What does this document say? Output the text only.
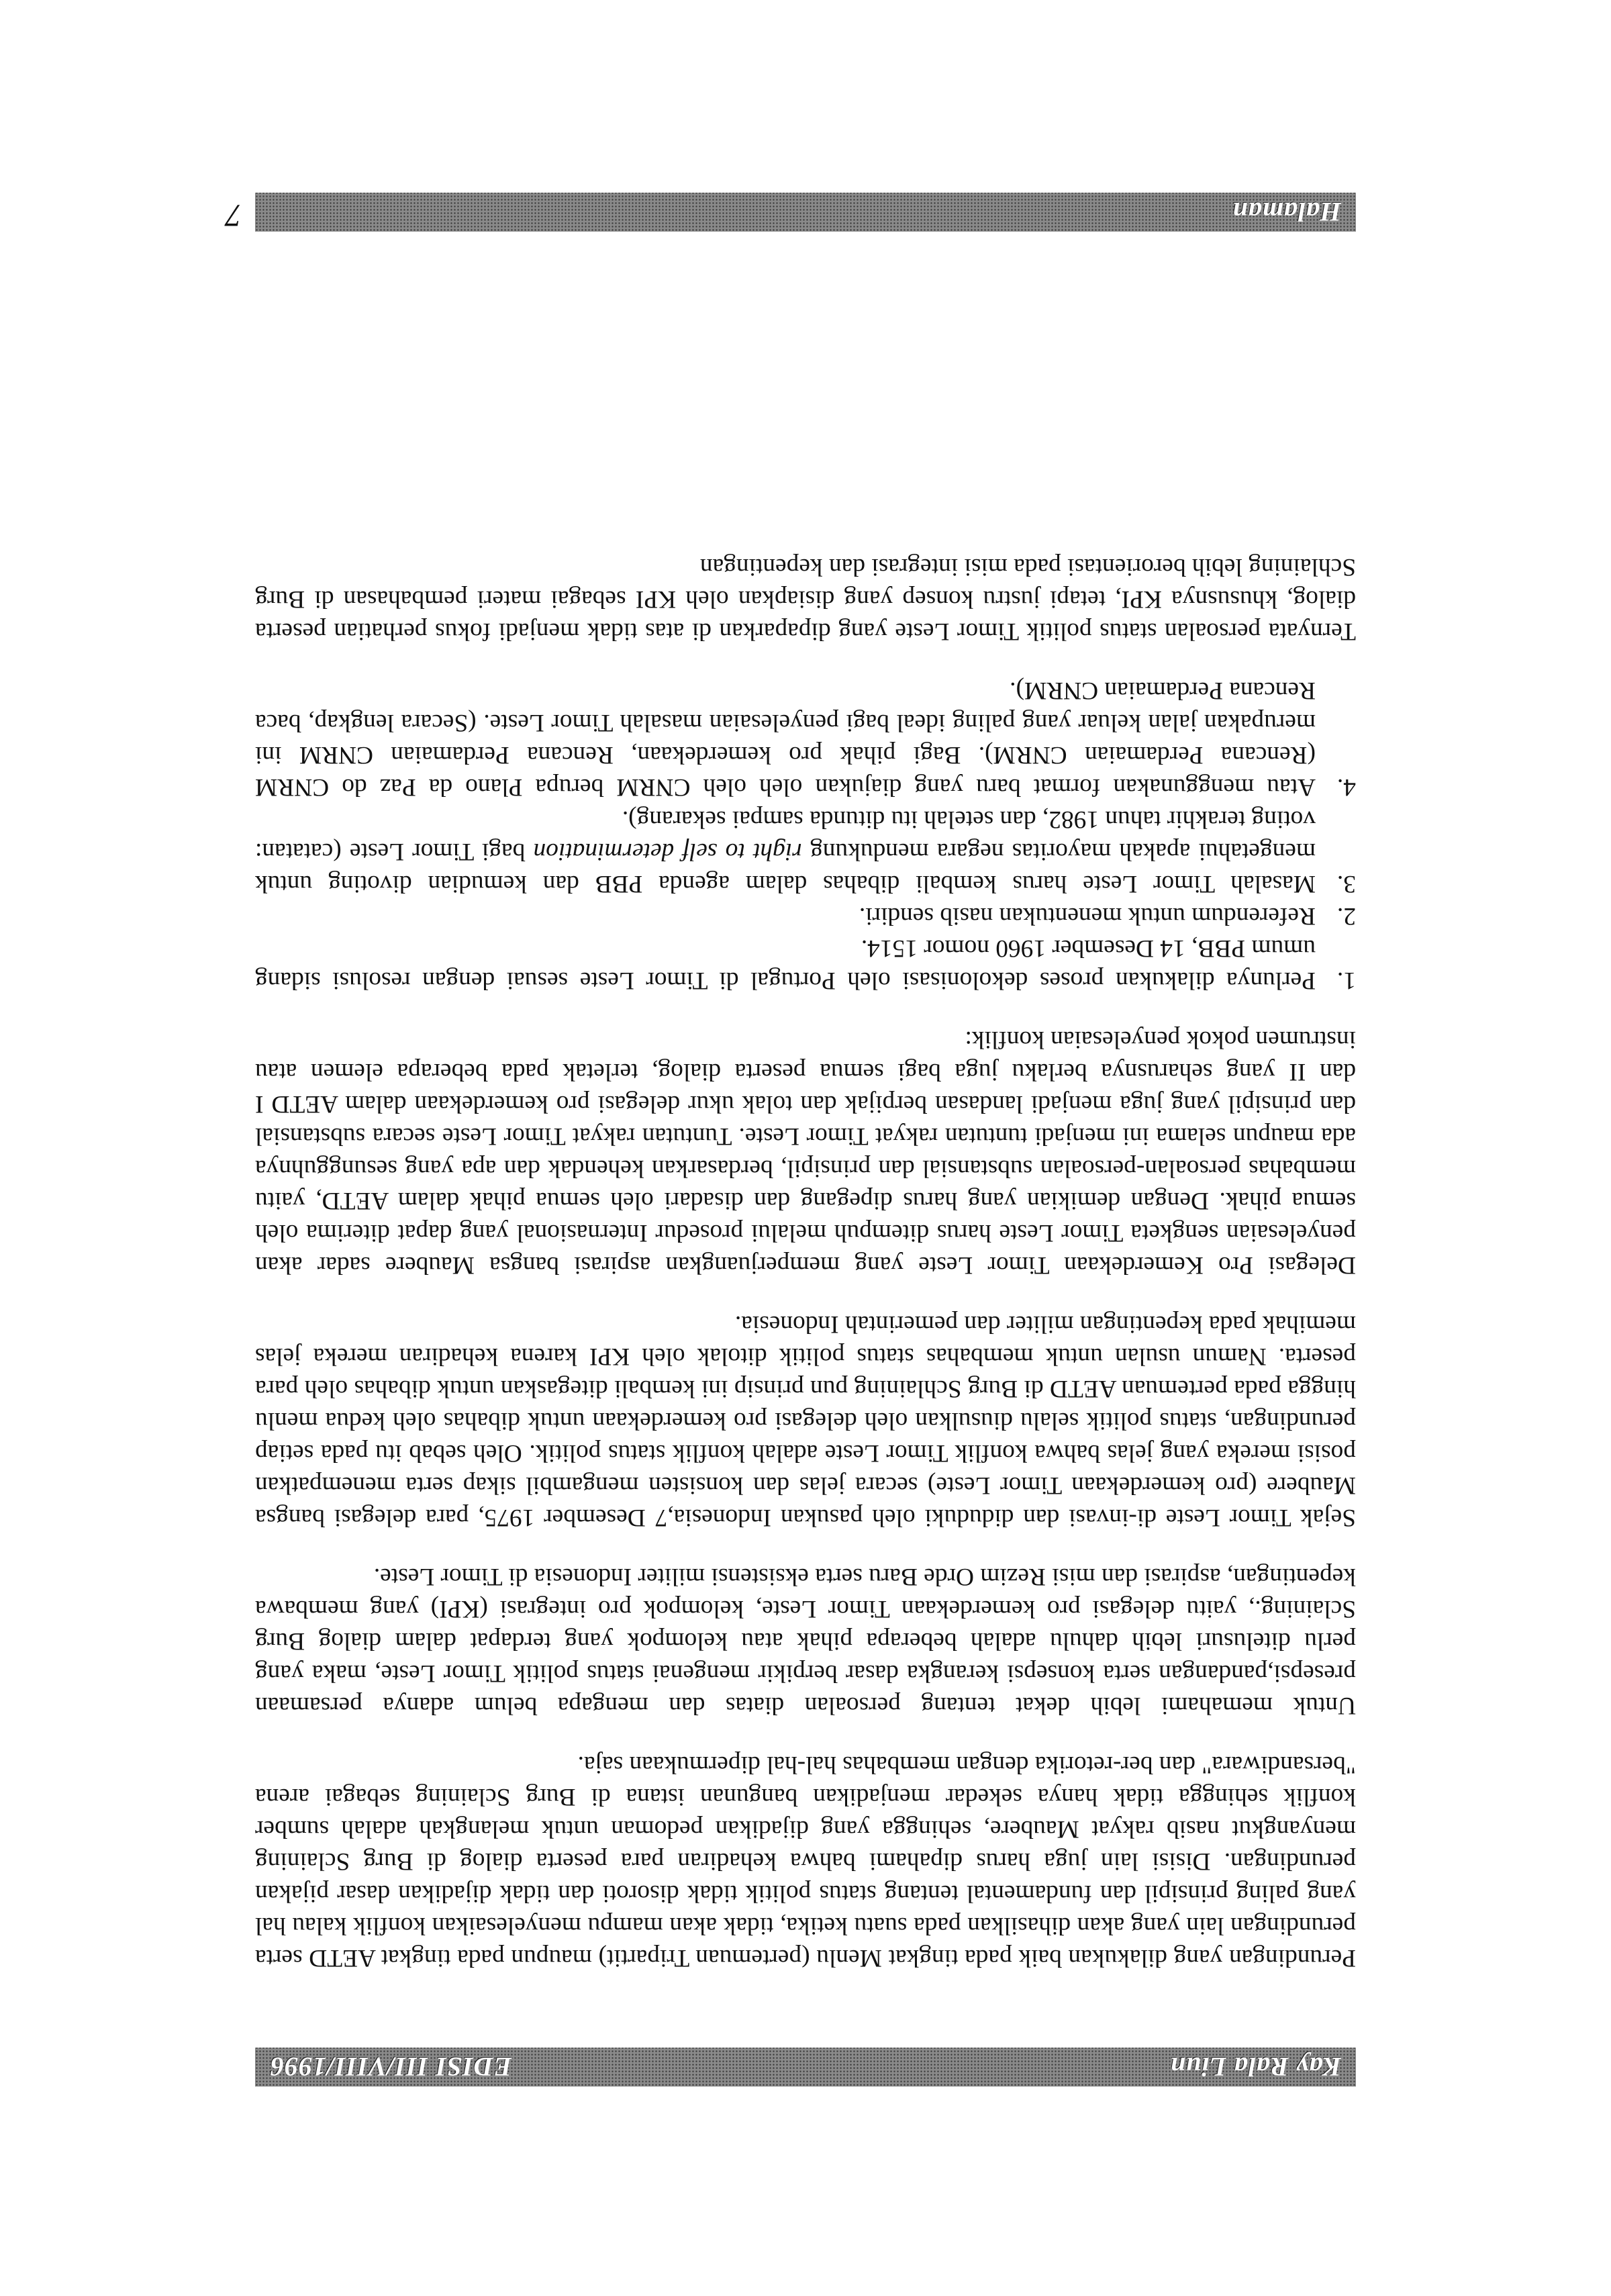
Halaman
7

Perundingan yang dilakukan baik pada tingkat Menlu (pertemuan Tripartit) maupun pada tingkat AETD serta perundingan lain yang akan dihasilkan pada suatu ketika, tidak akan mampu menyelesaikan konflik kalau hal yang paling prinsipil dan fundamental tentang status politik tidak disoroti dan tidak dijadikan dasar pijakan perundingan. Disisi lain juga harus dipahami bahwa kehadiran para peserta dialog di Burg Sclaining menyangkut nasib rakyat Maubere, sehingga yang dijadikan pedoman untuk melangkah adalah sumber konflik sehingga tidak hanya sekedar menjadikan bangunan istana di Burg Sclaining sebagai arena "bersandiwara" dan ber-retorika dengan membahas hal-hal dipermukaan saja.

Untuk memahami lebih dekat tentang persoalan diatas dan mengapa belum adanya persamaan presepsi,pandangan serta konsepsi kerangka dasar berpikir mengenai status politik Timor Leste, maka yang perlu ditelusuri lebih dahulu adalah beberapa pihak atau kelompok yang terdapat dalam dialog Burg Sclaining., yaitu delegasi pro kemerdekaan Timor Leste, kelompok pro integrasi (KPI) yang membawa kepentingan, aspirasi dan misi Rezim Orde Baru serta eksistensi militer Indonesia di Timor Leste.

Sejak Timor Leste di-invasi dan diduduki oleh pasukan Indonesia,7 Desember 1975, para delegasi bangsa Maubere (pro kemerdekaan Timor Leste) secara jelas dan konsisten mengambil sikap serta menempatkan posisi mereka yang jelas bahwa konflik Timor Leste adalah konflik status politik. Oleh sebab itu pada setiap perundingan, status politik selalu diusulkan oleh delegasi pro kemerdekaan untuk dibahas oleh kedua menlu hingga pada pertemuan AETD di Burg Schlaining pun prinsip ini kembali ditegaskan untuk dibahas oleh para peserta. Namun usulan untuk membahas status politik ditolak oleh KPI karena kehadiran mereka jelas memihak pada kepentingan militer dan pemerintah Indonesia.

Delegasi Pro Kemerdekaan Timor Leste yang memperjuangkan aspirasi bangsa Maubere sadar akan penyelesaian sengketa Timor Leste harus ditempuh melalui prosedur Internasional yang dapat diterima oleh semua pihak. Dengan demikian yang harus dipegang dan disadari oleh semua pihak dalam AETD, yaitu membahas persoalan-persoalan substansial dan prinsipil, berdasarkan kehendak dan apa yang sesungguhnya ada maupun selama ini menjadi tuntutan rakyat Timor Leste. Tuntutan rakyat Timor Leste secara substansial dan prinsipil yang juga menjadi landasan berpijak dan tolak ukur delegasi pro kemerdekaan dalam AETD I dan II yang seharusnya berlaku juga bagi semua peserta dialog, terletak pada beberapa elemen atau instrumen pokok penyelesaian konflik:

1.
Perlunya dilakukan proses dekolonisasi oleh Portugal di Timor Leste sesuai dengan resolusi sidang umum PBB, 14 Desember 1960 nomor 1514.
2.
Referendum untuk menentukan nasib sendiri.
3.
Masalah Timor Leste harus kembali dibahas dalam agenda PBB dan kemudian divoting untuk mengetahui apakah mayoritas negara mendukung right to self determination bagi Timor Leste (catatan: voting terakhir tahun 1982, dan setelah itu ditunda sampai sekarang).
4.
Atau menggunakan format baru yang diajukan oleh oleh CNRM berupa Plano da Paz do CNRM (Rencana Perdamaian CNRM). Bagi pihak pro kemerdekaan, Rencana Perdamaian CNRM ini merupakan jalan keluar yang paling ideal bagi penyelesaian masalah Timor Leste. (Secara lengkap, baca Rencana Perdamaian CNRM).

Ternyata persoalan status politik Timor Leste yang dipaparkan di atas tidak menjadi fokus perhatian peserta dialog, khususnya KPI, tetapi justru konsep yang disiapkan oleh KPI sebagai materi pembahasan di Burg Schlaining lebih berorientasi pada misi integrasi dan kepentingan

Kay Rala Liun
EDISI III/VIII/1996
